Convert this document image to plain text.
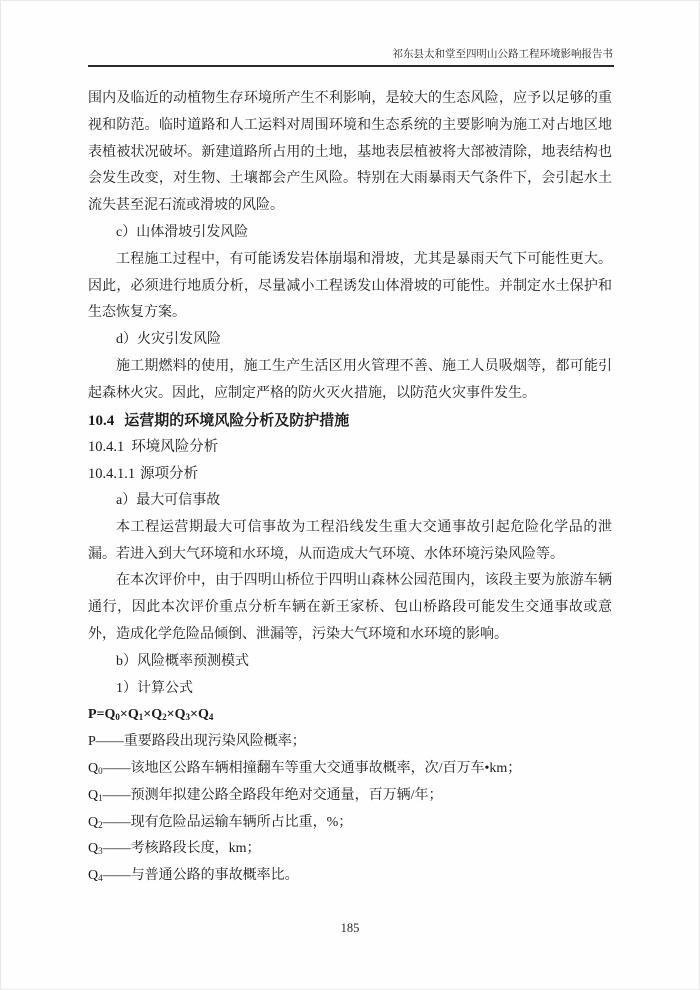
祁东县太和堂至四明山公路工程环境影响报告书

围内及临近的动植物生存环境所产生不利影响，是较大的生态风险，应予以足够的重视和防范。临时道路和人工运料对周围环境和生态系统的主要影响为施工对占地区地表植被状况破坏。新建道路所占用的土地，基地表层植被将大部被清除，地表结构也会发生改变，对生物、土壤都会产生风险。特别在大雨暴雨天气条件下，会引起水土流失甚至泥石流或滑坡的风险。

c）山体滑坡引发风险

工程施工过程中，有可能诱发岩体崩塌和滑坡，尤其是暴雨天气下可能性更大。因此，必须进行地质分析，尽量减小工程诱发山体滑坡的可能性。并制定水土保护和生态恢复方案。

d）火灾引发风险

施工期燃料的使用，施工生产生活区用火管理不善、施工人员吸烟等，都可能引起森林火灾。因此，应制定严格的防火灭火措施，以防范火灾事件发生。

10.4 运营期的环境风险分析及防护措施

10.4.1 环境风险分析

10.4.1.1 源项分析

a）最大可信事故

本工程运营期最大可信事故为工程沿线发生重大交通事故引起危险化学品的泄漏。若进入到大气环境和水环境，从而造成大气环境、水体环境污染风险等。

在本次评价中，由于四明山桥位于四明山森林公园范围内，该段主要为旅游车辆通行，因此本次评价重点分析车辆在新王家桥、包山桥路段可能发生交通事故或意外，造成化学危险品倾倒、泄漏等，污染大气环境和水环境的影响。

b）风险概率预测模式

1）计算公式

$P=Q_0\times Q_1\times Q_2\times Q_3\times Q_4$

P——重要路段出现污染风险概率；

$Q_0——$该地区公路车辆相撞翻车等重大交通事故概率，次/百万车•km；

$Q_1——$预测年拟建公路全路段年绝对交通量，百万辆/年；

$Q_2——$现有危险品运输车辆所占比重，%；

$Q_3——$考核路段长度，km；

$Q_4——$与普通公路的事故概率比。

185
